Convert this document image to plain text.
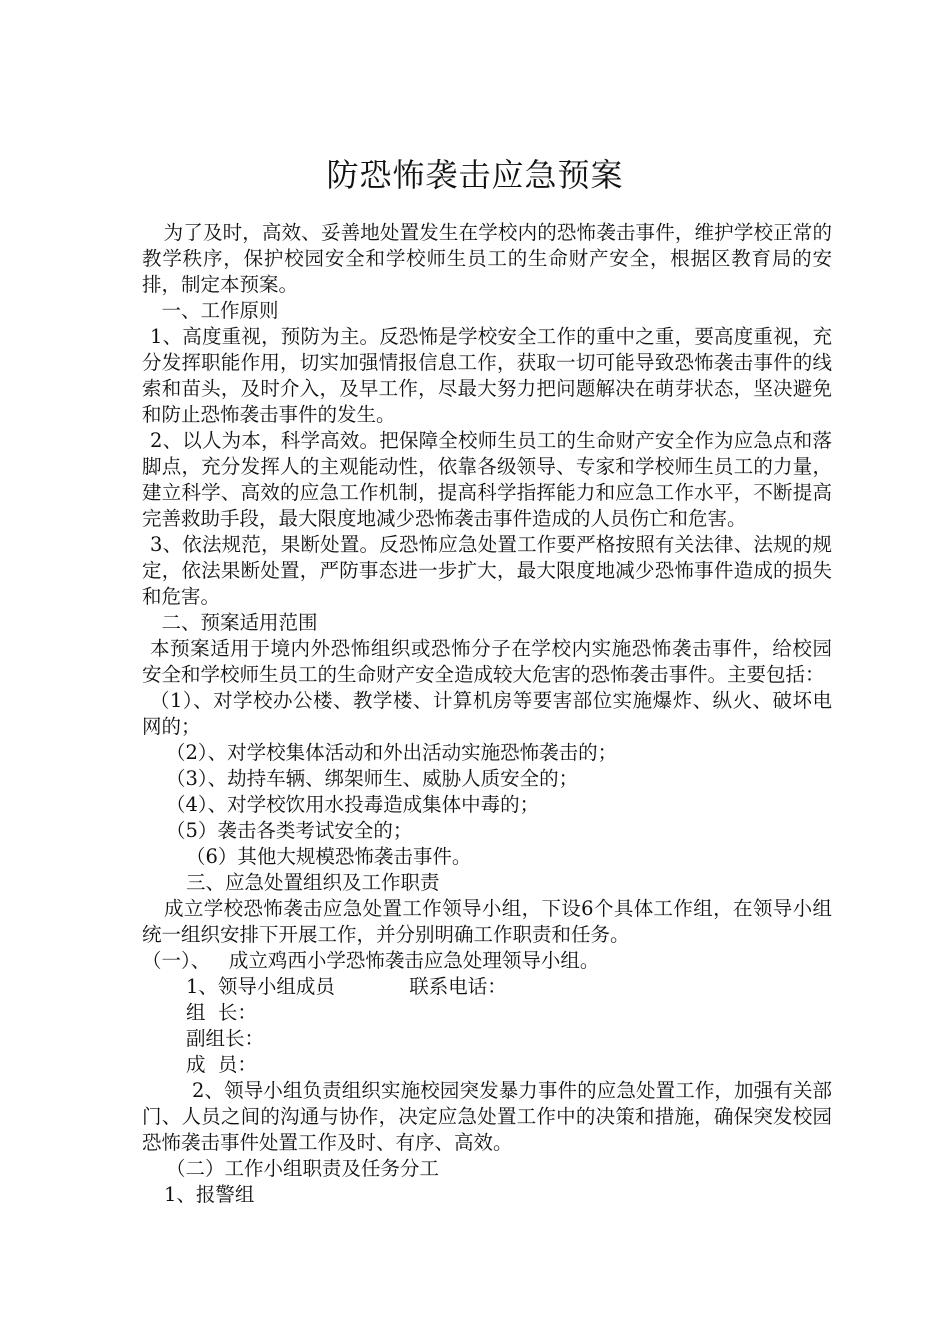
防恐怖袭击应急预案

　为了及时，高效、妥善地处置发生在学校内的恐怖袭击事件，维护学校正常的教学秩序，保护校园安全和学校师生员工的生命财产安全，根据区教育局的安排，制定本预案。

　一、工作原则

1、高度重视，预防为主。反恐怖是学校安全工作的重中之重，要高度重视，充分发挥职能作用，切实加强情报信息工作，获取一切可能导致恐怖袭击事件的线索和苗头，及时介入，及早工作，尽最大努力把问题解决在萌芽状态，坚决避免和防止恐怖袭击事件的发生。

2、以人为本，科学高效。把保障全校师生员工的生命财产安全作为应急点和落脚点，充分发挥人的主观能动性，依靠各级领导、专家和学校师生员工的力量，建立科学、高效的应急工作机制，提高科学指挥能力和应急工作水平，不断提高完善救助手段，最大限度地减少恐怖袭击事件造成的人员伤亡和危害。

3、依法规范，果断处置。反恐怖应急处置工作要严格按照有关法律、法规的规定，依法果断处置，严防事态进一步扩大，最大限度地减少恐怖事件造成的损失和危害。

　二、预案适用范围

本预案适用于境内外恐怖组织或恐怖分子在学校内实施恐怖袭击事件，给校园安全和学校师生员工的生命财产安全造成较大危害的恐怖袭击事件。主要包括：

（1）、对学校办公楼、教学楼、计算机房等要害部位实施爆炸、纵火、破坏电网的；

（2）、对学校集体活动和外出活动实施恐怖袭击的；

（3）、劫持车辆、绑架师生、威胁人质安全的；

（4）、对学校饮用水投毒造成集体中毒的；

（5）袭击各类考试安全的；

（6）其他大规模恐怖袭击事件。

三、应急处置组织及工作职责

成立学校恐怖袭击应急处置工作领导小组，下设6个具体工作组，在领导小组统一组织安排下开展工作，并分别明确工作职责和任务。

（一）、   成立鸡西小学恐怖袭击应急处理领导小组。

1、领导小组成员            联系电话：

组  长：

副组长：

成  员：

2、领导小组负责组织实施校园突发暴力事件的应急处置工作，加强有关部门、人员之间的沟通与协作，决定应急处置工作中的决策和措施，确保突发校园恐怖袭击事件处置工作及时、有序、高效。

（二）工作小组职责及任务分工

1、报警组
